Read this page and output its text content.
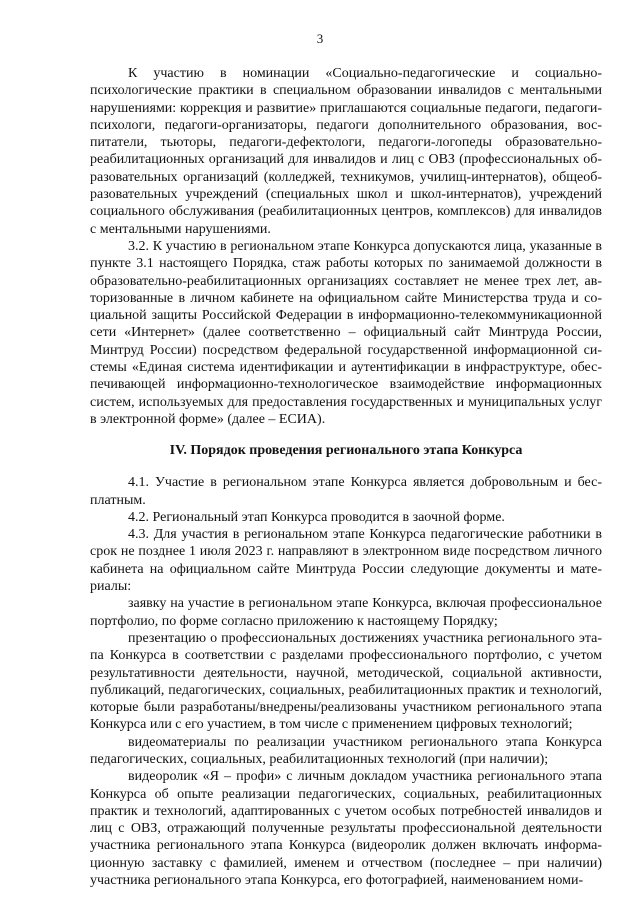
3

К участию в номинации «Социально-педагогические и социально-психологические практики в специальном образовании инвалидов с ментальными нарушениями: коррекция и развитие» приглашаются социальные педагоги, педагоги-психологи, педагоги-организаторы, педагоги дополнительного образования, воспитатели, тьюторы, педагоги-дефектологи, педагоги-логопеды образовательно-реабилитационных организаций для инвалидов и лиц с ОВЗ (профессиональных образовательных организаций (колледжей, техникумов, училищ-интернатов), общеобразовательных учреждений (специальных школ и школ-интернатов), учреждений социального обслуживания (реабилитационных центров, комплексов) для инвалидов с ментальными нарушениями.

3.2. К участию в региональном этапе Конкурса допускаются лица, указанные в пункте 3.1 настоящего Порядка, стаж работы которых по занимаемой должности в образовательно-реабилитационных организациях составляет не менее трех лет, авторизованные в личном кабинете на официальном сайте Министерства труда и социальной защиты Российской Федерации в информационно-телекоммуникационной сети «Интернет» (далее соответственно – официальный сайт Минтруда России, Минтруд России) посредством федеральной государственной информационной системы «Единая система идентификации и аутентификации в инфраструктуре, обеспечивающей информационно-технологическое взаимодействие информационных систем, используемых для предоставления государственных и муниципальных услуг в электронной форме» (далее – ЕСИА).

IV. Порядок проведения регионального этапа Конкурса

4.1. Участие в региональном этапе Конкурса является добровольным и бесплатным.

4.2. Региональный этап Конкурса проводится в заочной форме.

4.3. Для участия в региональном этапе Конкурса педагогические работники в срок не позднее 1 июля 2023 г. направляют в электронном виде посредством личного кабинета на официальном сайте Минтруда России следующие документы и материалы:

заявку на участие в региональном этапе Конкурса, включая профессиональное портфолио, по форме согласно приложению к настоящему Порядку;

презентацию о профессиональных достижениях участника регионального этапа Конкурса в соответствии с разделами профессионального портфолио, с учетом результативности деятельности, научной, методической, социальной активности, публикаций, педагогических, социальных, реабилитационных практик и технологий, которые были разработаны/внедрены/реализованы участником регионального этапа Конкурса или с его участием, в том числе с применением цифровых технологий;

видеоматериалы по реализации участником регионального этапа Конкурса педагогических, социальных, реабилитационных технологий (при наличии);

видеоролик «Я – профи» с личным докладом участника регионального этапа Конкурса об опыте реализации педагогических, социальных, реабилитационных практик и технологий, адаптированных с учетом особых потребностей инвалидов и лиц с ОВЗ, отражающий полученные результаты профессиональной деятельности участника регионального этапа Конкурса (видеоролик должен включать информационную заставку с фамилией, именем и отчеством (последнее – при наличии) участника регионального этапа Конкурса, его фотографией, наименованием номи-
